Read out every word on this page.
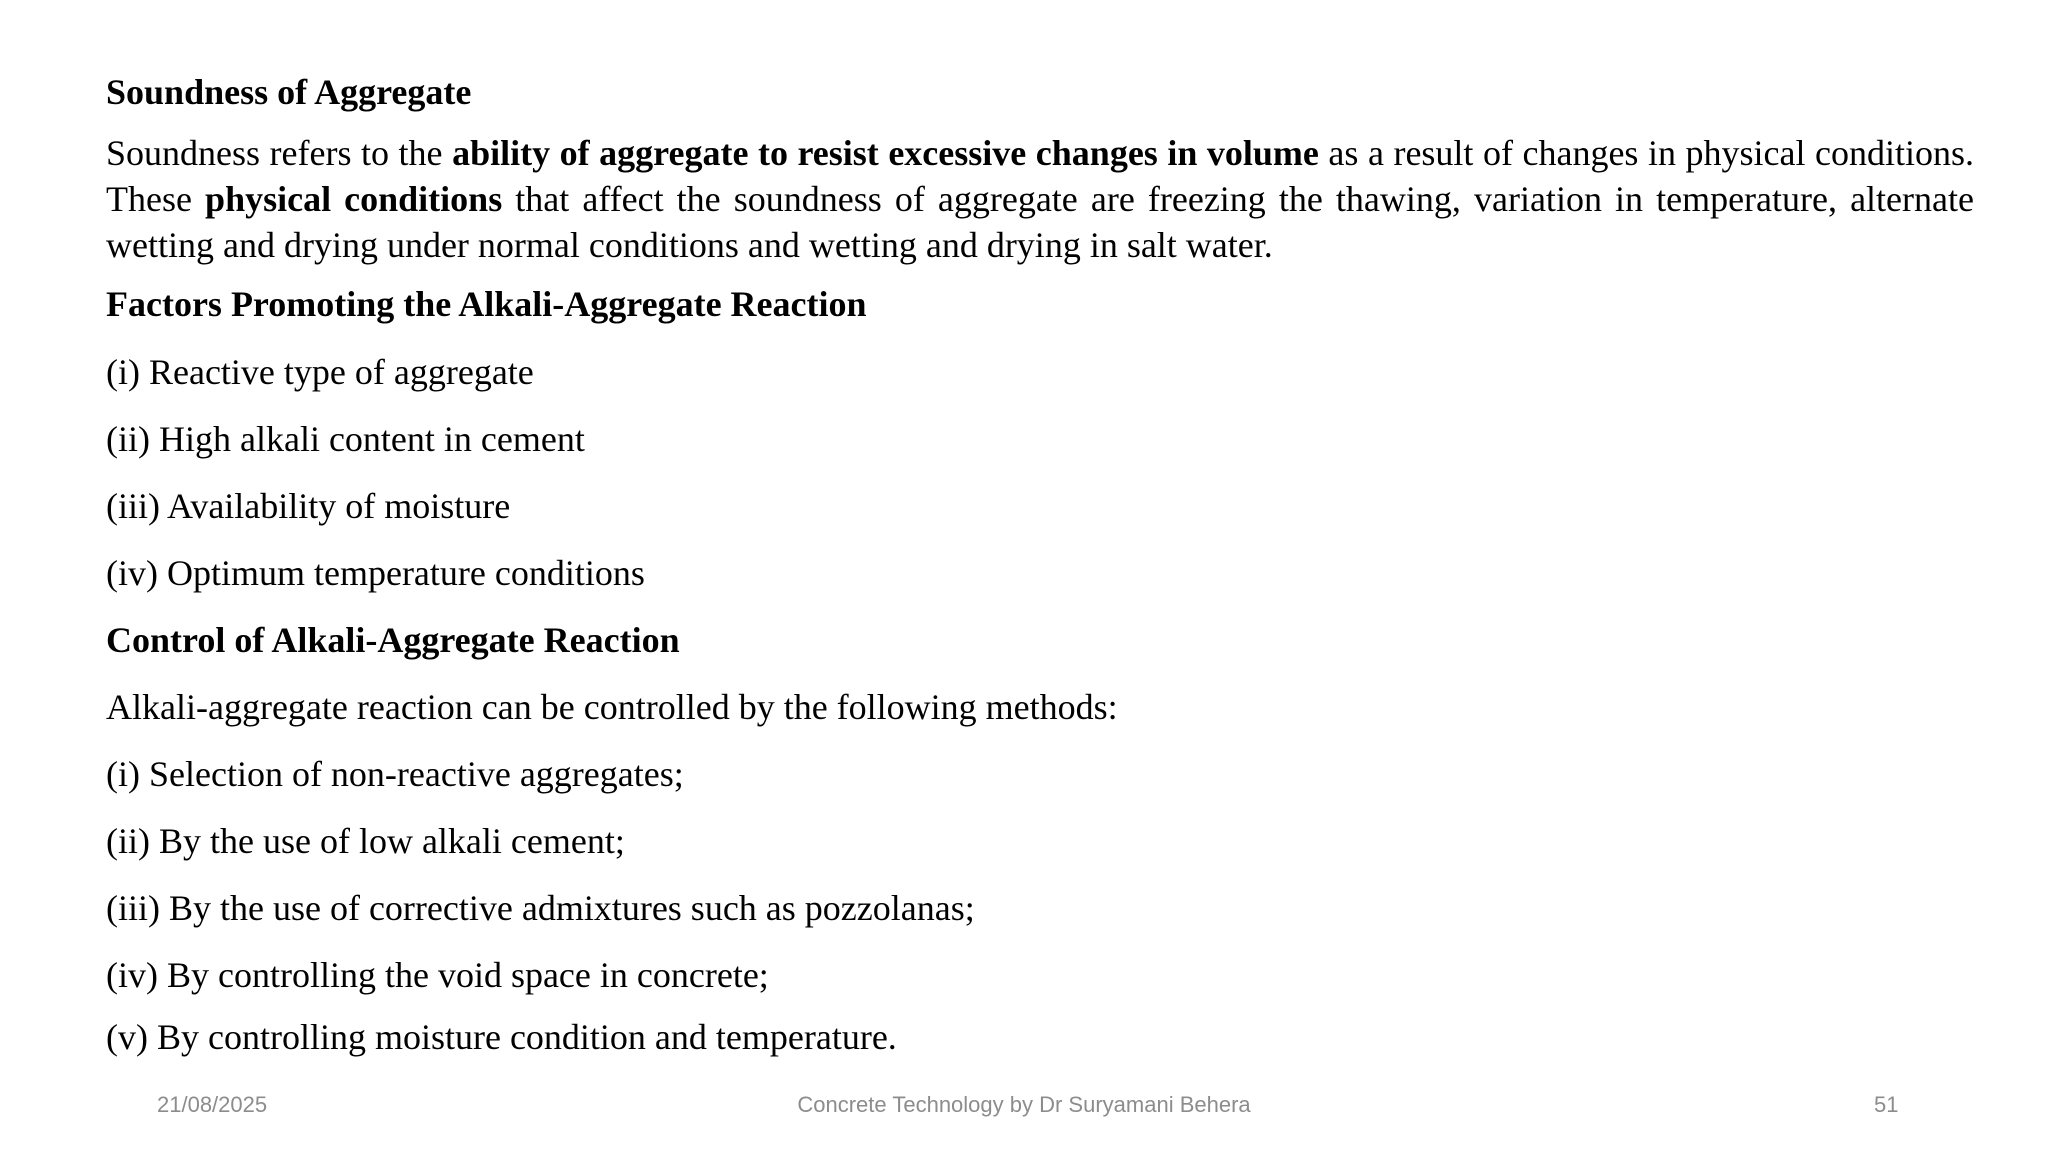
Soundness of Aggregate

Soundness refers to the ability of aggregate to resist excessive changes in volume as a result of changes in physical conditions. These physical conditions that affect the soundness of aggregate are freezing the thawing, variation in temperature, alternate wetting and drying under normal conditions and wetting and drying in salt water.

Factors Promoting the Alkali-Aggregate Reaction

(i) Reactive type of aggregate

(ii) High alkali content in cement

(iii) Availability of moisture

(iv) Optimum temperature conditions

Control of Alkali-Aggregate Reaction

Alkali-aggregate reaction can be controlled by the following methods:

(i) Selection of non-reactive aggregates;

(ii) By the use of low alkali cement;

(iii) By the use of corrective admixtures such as pozzolanas;

(iv) By controlling the void space in concrete;

(v) By controlling moisture condition and temperature.

21/08/2025	Concrete Technology by Dr Suryamani Behera	51
